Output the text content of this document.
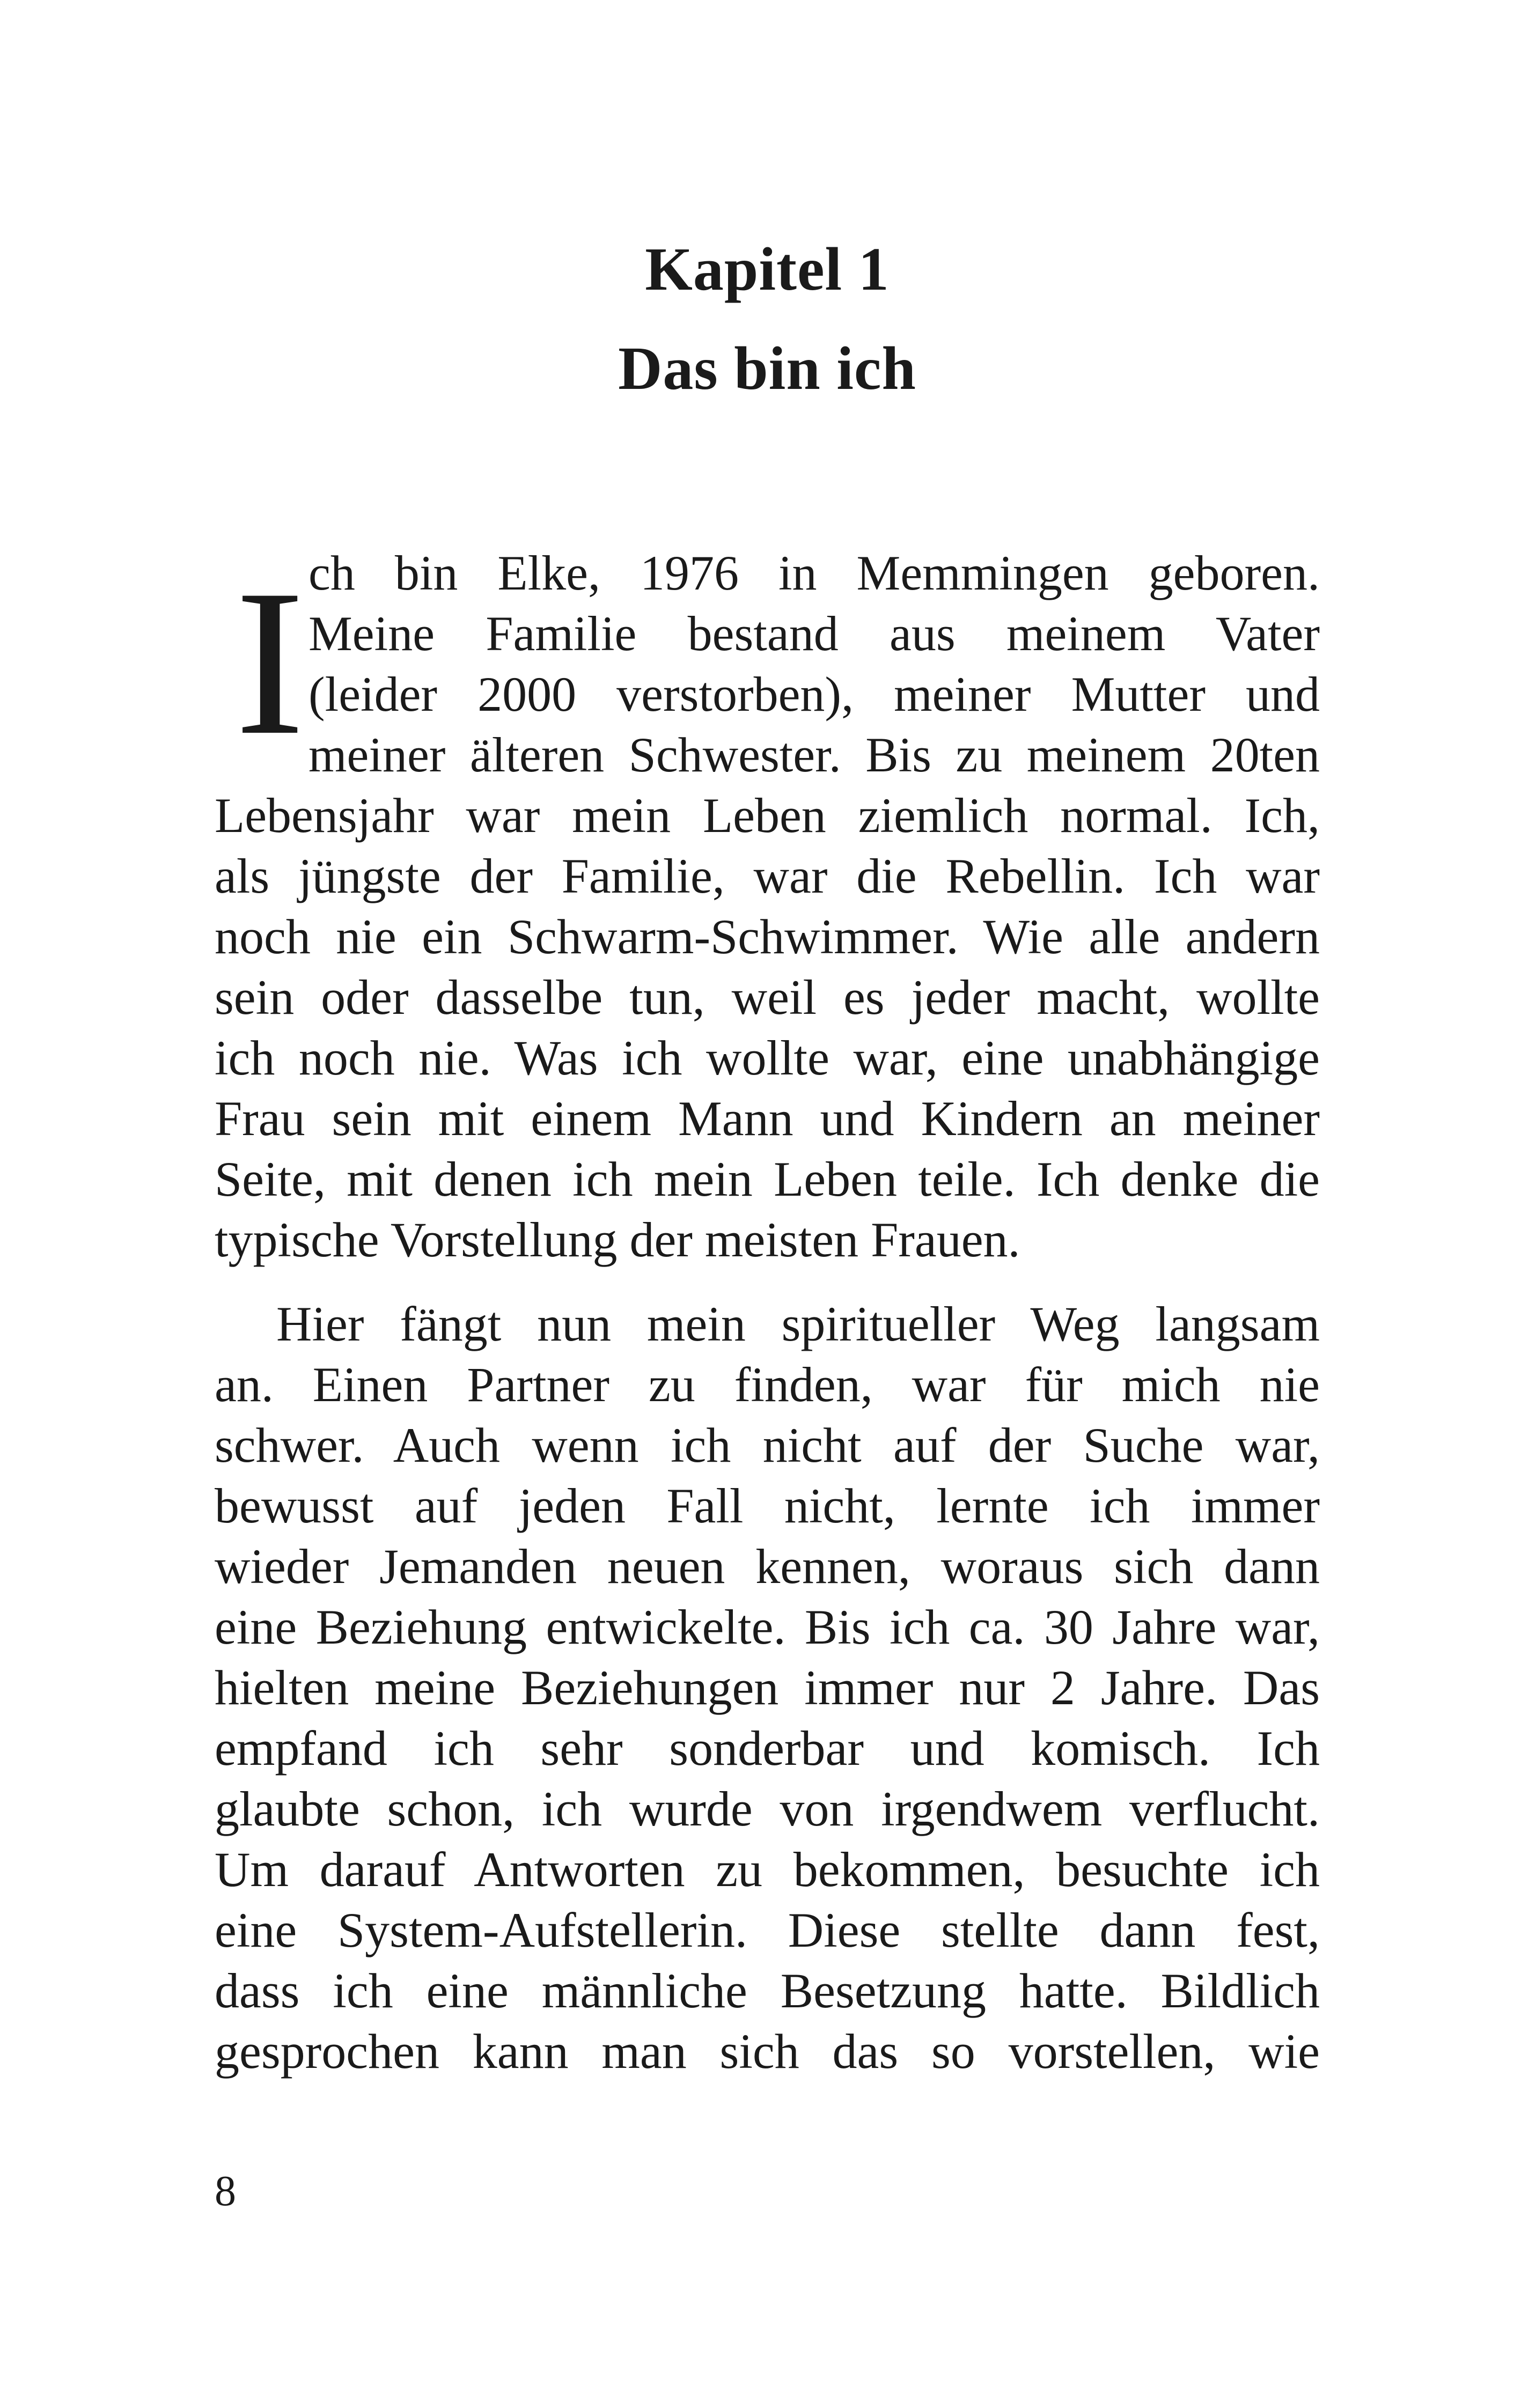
Kapitel 1
Das bin ich
I ch bin Elke, 1976 in Memmingen geboren.
Meine Familie bestand aus meinem Vater
(leider 2000 verstorben), meiner Mutter und
meiner älteren Schwester. Bis zu meinem 20ten
Lebensjahr war mein Leben ziemlich normal. Ich,
als jüngste der Familie, war die Rebellin. Ich war
noch nie ein Schwarm-Schwimmer. Wie alle andern
sein oder dasselbe tun, weil es jeder macht, wollte
ich noch nie. Was ich wollte war, eine unabhängige
Frau sein mit einem Mann und Kindern an meiner
Seite, mit denen ich mein Leben teile. Ich denke die
typische Vorstellung der meisten Frauen.
Hier fängt nun mein spiritueller Weg langsam
an. Einen Partner zu finden, war für mich nie
schwer. Auch wenn ich nicht auf der Suche war,
bewusst auf jeden Fall nicht, lernte ich immer
wieder Jemanden neuen kennen, woraus sich dann
eine Beziehung entwickelte. Bis ich ca. 30 Jahre war,
hielten meine Beziehungen immer nur 2 Jahre. Das
empfand ich sehr sonderbar und komisch. Ich
glaubte schon, ich wurde von irgendwem verflucht.
Um darauf Antworten zu bekommen, besuchte ich
eine System-Aufstellerin. Diese stellte dann fest,
dass ich eine männliche Besetzung hatte. Bildlich
gesprochen kann man sich das so vorstellen, wie
8
